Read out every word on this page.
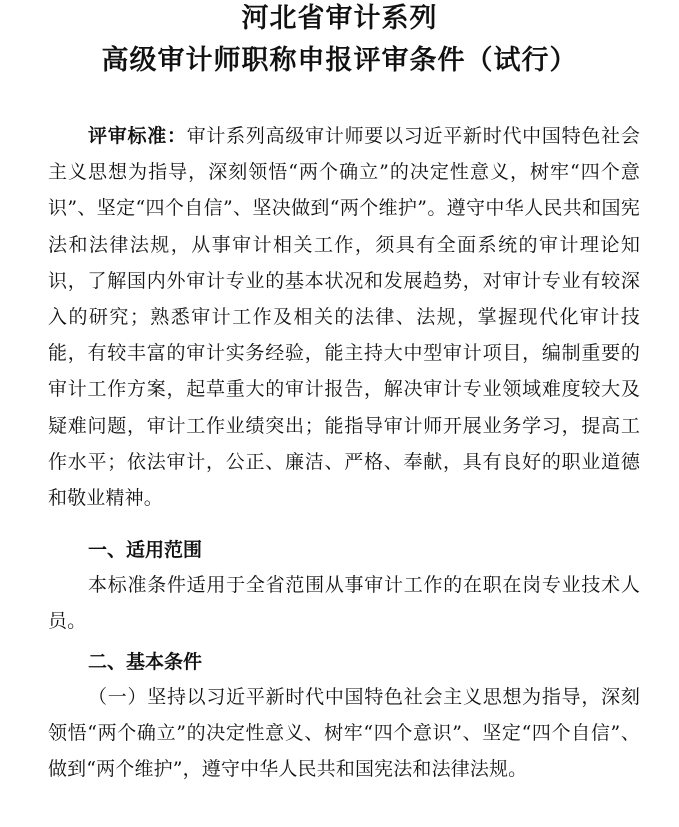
河北省审计系列
高级审计师职称申报评审条件（试行）
评审标准：审计系列高级审计师要以习近平新时代中国特色社会主义思想为指导，深刻领悟“两个确立”的决定性意义，树牢“四个意识”、坚定“四个自信”、坚决做到“两个维护”。遵守中华人民共和国宪法和法律法规，从事审计相关工作，须具有全面系统的审计理论知识，了解国内外审计专业的基本状况和发展趋势，对审计专业有较深入的研究；熟悉审计工作及相关的法律、法规，掌握现代化审计技能，有较丰富的审计实务经验，能主持大中型审计项目，编制重要的审计工作方案，起草重大的审计报告，解决审计专业领域难度较大及疑难问题，审计工作业绩突出；能指导审计师开展业务学习，提高工作水平；依法审计，公正、廉洁、严格、奉献，具有良好的职业道德和敬业精神。
一、适用范围
本标准条件适用于全省范围从事审计工作的在职在岗专业技术人员。
二、基本条件
（一）坚持以习近平新时代中国特色社会主义思想为指导，深刻领悟“两个确立”的决定性意义、树牢“四个意识”、坚定“四个自信”、做到“两个维护”，遵守中华人民共和国宪法和法律法规。
